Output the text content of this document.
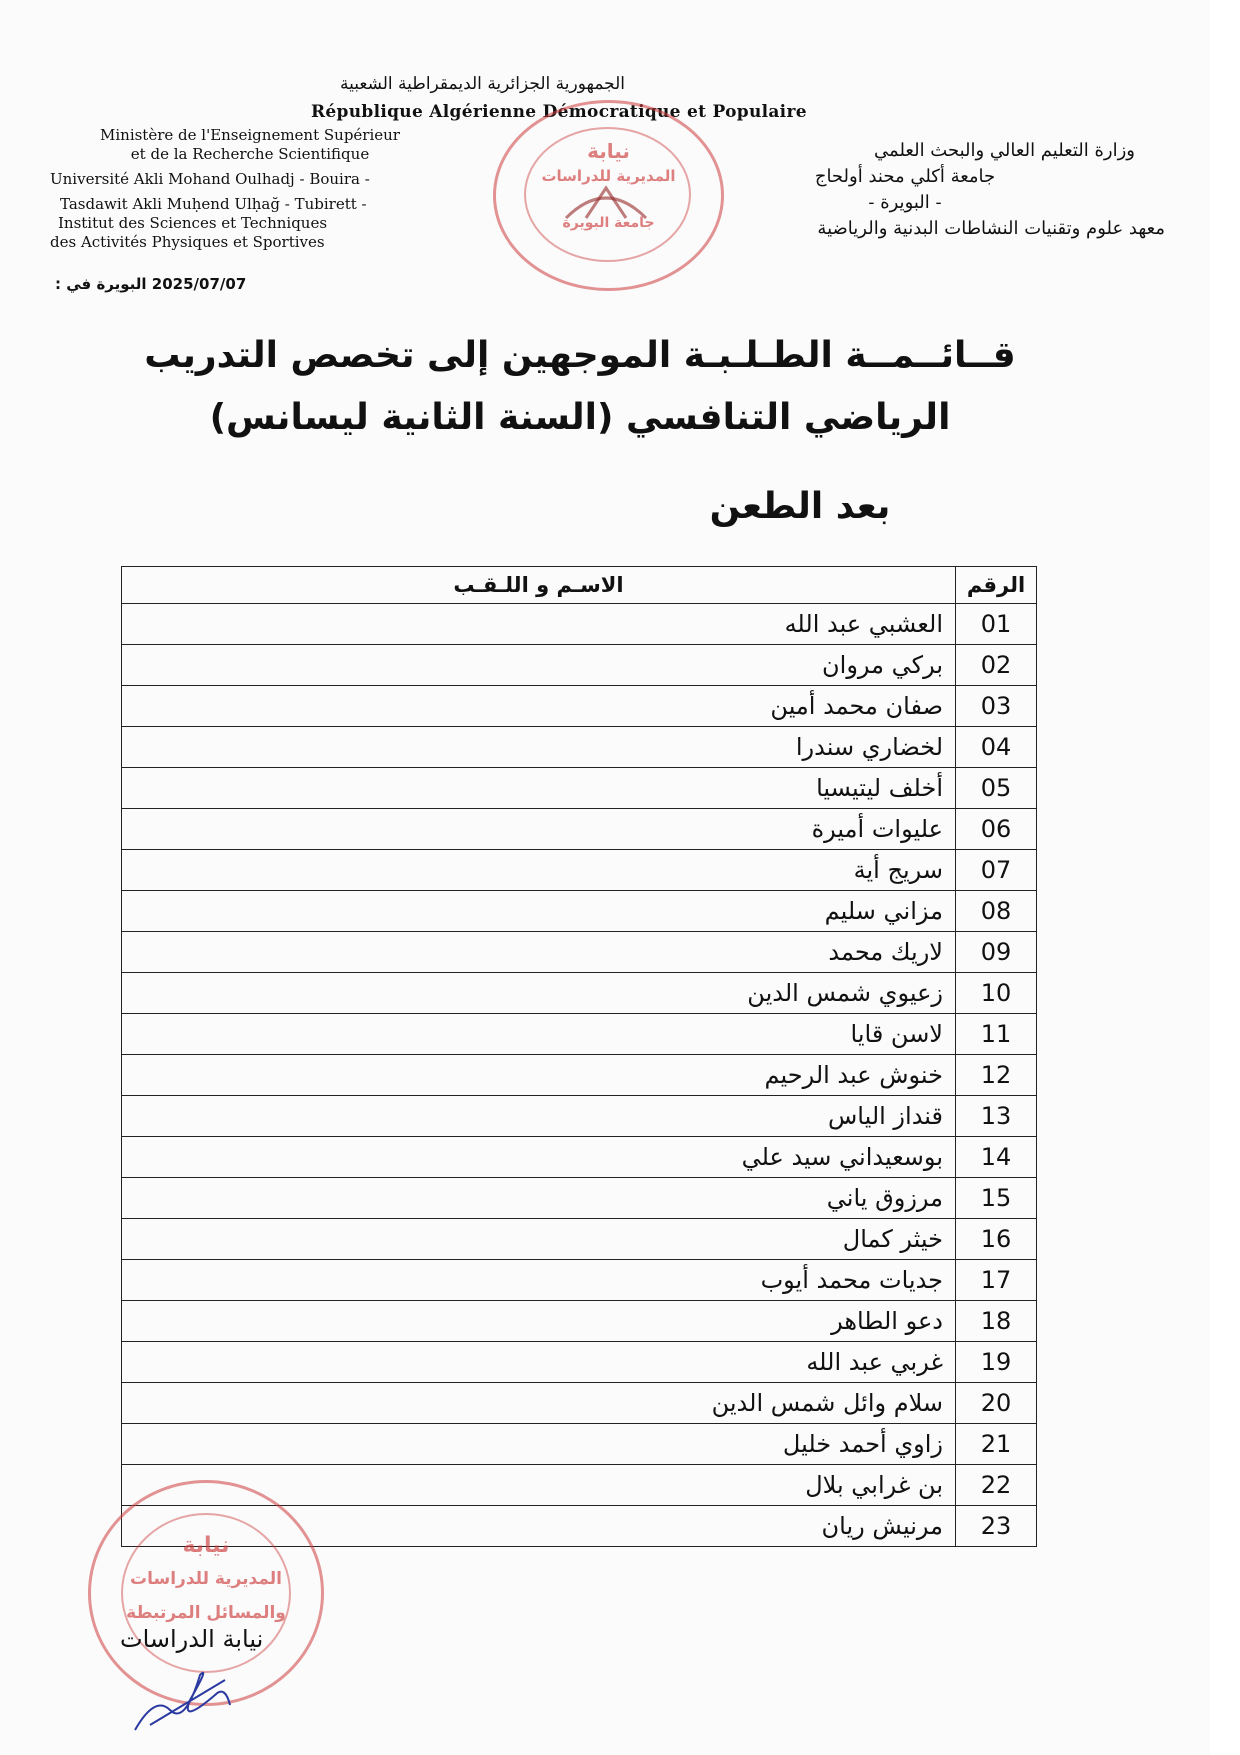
الجمهورية الجزائرية الديمقراطية الشعبية
République Algérienne Démocratique et Populaire
Ministère de l'Enseignement Supérieur
et de la Recherche Scientifique
Université Akli Mohand Oulhadj - Bouira -
Tasdawit Akli Muḥend Ulḥağ - Tubirett -
Institut des Sciences et Techniques
des Activités Physiques et Sportives
وزارة التعليم العالي والبحث العلمي
جامعة أكلي محند أولحاج
- البويرة -
معهد علوم وتقنيات النشاطات البدنية والرياضية
نيابة
المديرية للدراسات
جامعة البويرة
2025/07/07 البويرة في :
قــائــمــة الطـلـبـة الموجهين إلى تخصص التدريب الرياضي التنافسي (السنة الثانية ليسانس)
بعد الطعن
الرقم	الاسـم و اللـقـب
01	العشبي عبد الله
02	بركي مروان
03	صفان محمد أمين
04	لخضاري سندرا
05	أخلف ليتيسيا
06	عليوات أميرة
07	سريج أية
08	مزاني سليم
09	لاريك محمد
10	زعيوي شمس الدين
11	لاسن قايا
12	خنوش عبد الرحيم
13	قنداز الياس
14	بوسعيداني سيد علي
15	مرزوق ياني
16	خيثر كمال
17	جديات محمد أيوب
18	دعو الطاهر
19	غربي عبد الله
20	سلام وائل شمس الدين
21	زاوي أحمد خليل
22	بن غرابي بلال
23	مرنيش ريان
نيابة
المديرية للدراسات
والمسائل المرتبطة
نيابة الدراسات
